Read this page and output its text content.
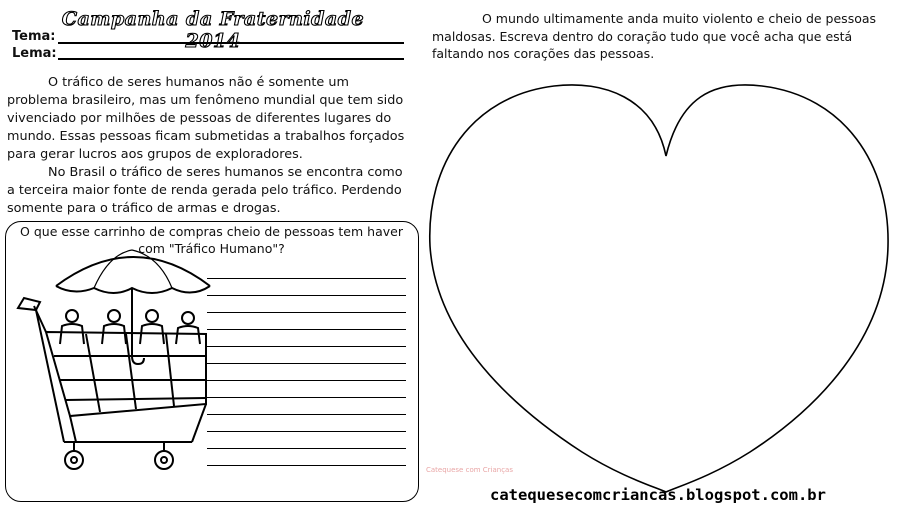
Campanha da Fraternidade 2014
Tema:
Lema:

O tráfico de seres humanos não é somente um problema brasileiro, mas um fenômeno mundial que tem sido vivenciado por milhões de pessoas de diferentes lugares do mundo. Essas pessoas ficam submetidas a trabalhos forçados para gerar lucros aos grupos de exploradores.

No Brasil o tráfico de seres humanos se encontra como a terceira maior fonte de renda gerada pelo tráfico. Perdendo somente para o tráfico de armas e drogas.

O que esse carrinho de compras cheio de pessoas tem haver com "Tráfico Humano"?

O mundo ultimamente anda muito violento e cheio de pessoas maldosas. Escreva dentro do coração tudo que você acha que está faltando nos corações das pessoas.

Catequese com Crianças
catequesecomcriancas.blogspot.com.br
